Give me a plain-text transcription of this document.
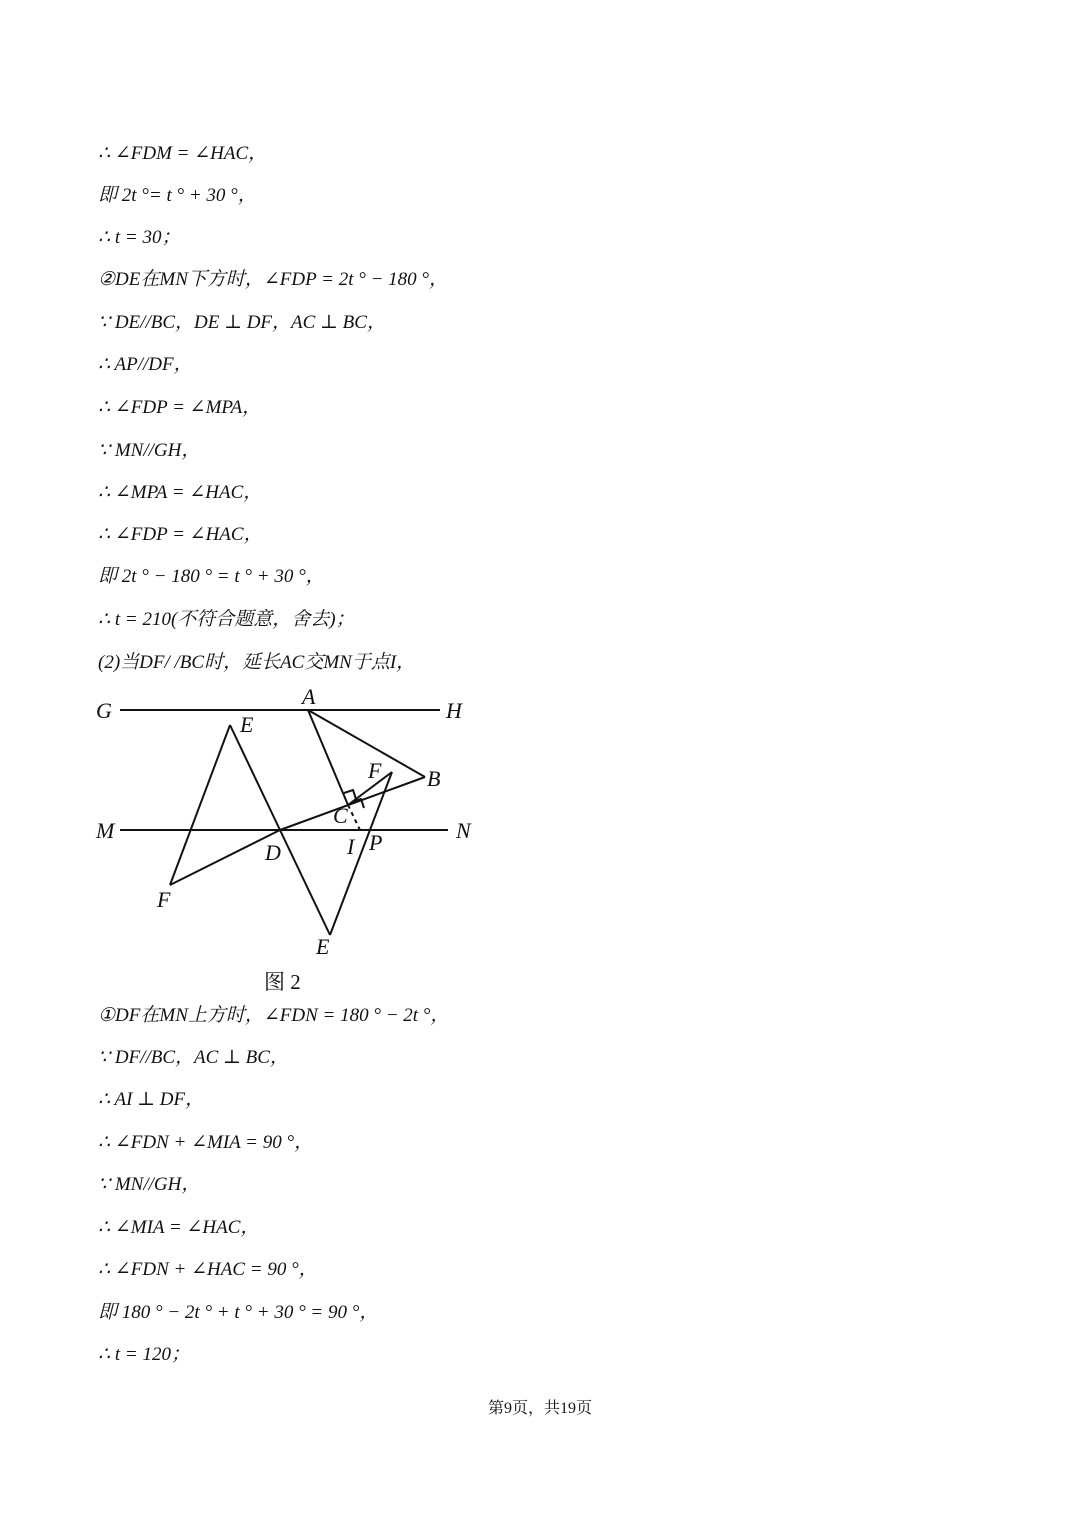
∴ ∠FDM = ∠HAC，
即 2t °= t ° + 30 °，
∴ t = 30；
②DE在MN下方时，∠FDP = 2t ° − 180 °，
∵ DE//BC，DE ⊥ DF，AC ⊥ BC，
∴ AP//DF，
∴ ∠FDP = ∠MPA，
∵ MN//GH，
∴ ∠MPA = ∠HAC，
∴ ∠FDP = ∠HAC，
即 2t ° − 180 ° = t ° + 30 °，
∴ t = 210(不符合题意，舍去)；
(2)当DF/ /BC时，延长AC交MN于点I，
G	H
A
E
F B
C
M	N
D	I P
F
E
图 2
①DF在MN上方时，∠FDN = 180 ° − 2t °，
∵ DF//BC，AC ⊥ BC，
∴ AI ⊥ DF，
∴ ∠FDN + ∠MIA = 90 °，
∵ MN//GH，
∴ ∠MIA = ∠HAC，
∴ ∠FDN + ∠HAC = 90 °，
即 180 ° − 2t ° + t ° + 30 ° = 90 °，
∴ t = 120；
第9页，共19页
